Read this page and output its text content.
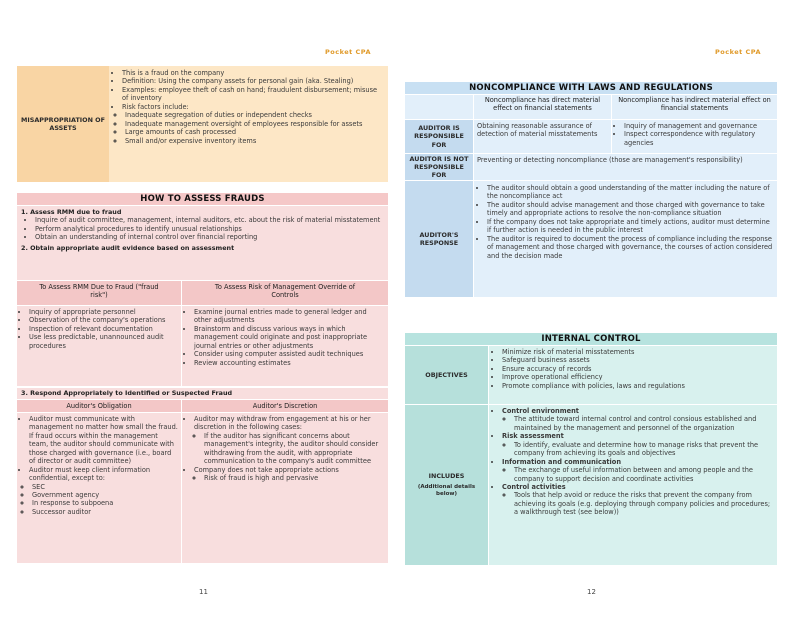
Pocket CPA
MISAPPROPRIATION OF ASSETS
• This is a fraud on the company
• Definition: Using the company assets for personal gain (aka. Stealing)
• Examples: employee theft of cash on hand; fraudulent disbursement; misuse of inventory
• Risk factors include:
◦ Inadequate segregation of duties or independent checks
◦ Inadequate management oversight of employees responsible for assets
◦ Large amounts of cash processed
◦ Small and/or expensive inventory items
HOW TO ASSESS FRAUDS
1. Assess RMM due to fraud
• Inquire of audit committee, management, internal auditors, etc. about the risk of material misstatement
• Perform analytical procedures to identify unusual relationships
• Obtain an understanding of internal control over financial reporting
2. Obtain appropriate audit evidence based on assessment
To Assess RMM Due to Fraud ("fraud risk")
To Assess Risk of Management Override of Controls
• Inquiry of appropriate personnel
• Observation of the company's operations
• Inspection of relevant documentation
• Use less predictable, unannounced audit procedures
• Examine journal entries made to general ledger and other adjustments
• Brainstorm and discuss various ways in which management could originate and post inappropriate journal entries or other adjustments
• Consider using computer assisted audit techniques
• Review accounting estimates
3. Respond Appropriately to Identified or Suspected Fraud
Auditor's Obligation	Auditor's Discretion
• Auditor must communicate with management no matter how small the fraud. If fraud occurs within the management team, the auditor should communicate with those charged with governance (i.e., board of director or audit committee)
• Auditor must keep client information confidential, except to:
◦ SEC
◦ Government agency
◦ In response to subpoena
◦ Successor auditor
• Auditor may withdraw from engagement at his or her discretion in the following cases:
◦ If the auditor has significant concerns about management's integrity, the auditor should consider withdrawing from the audit, with appropriate communication to the company's audit committee
• Company does not take appropriate actions
◦ Risk of fraud is high and pervasive
11
Pocket CPA
NONCOMPLIANCE WITH LAWS AND REGULATIONS
Noncompliance has direct material effect on financial statements
Noncompliance has indirect material effect on financial statements
AUDITOR IS RESPONSIBLE FOR
Obtaining reasonable assurance of detection of material misstatements
• Inquiry of management and governance
• Inspect correspondence with regulatory agencies
AUDITOR IS NOT RESPONSIBLE FOR
Preventing or detecting noncompliance (those are management's responsibility)
AUDITOR'S RESPONSE
• The auditor should obtain a good understanding of the matter including the nature of the noncompliance act
• The auditor should advise management and those charged with governance to take timely and appropriate actions to resolve the non-compliance situation
• If the company does not take appropriate and timely actions, auditor must determine if further action is needed in the public interest
• The auditor is required to document the process of compliance including the response of management and those charged with governance, the courses of action considered and the decision made
INTERNAL CONTROL
OBJECTIVES
• Minimize risk of material misstatements
• Safeguard business assets
• Ensure accuracy of records
• Improve operational efficiency
• Promote compliance with policies, laws and regulations
INCLUDES
(Additional details below)
• Control environment
◦ The attitude toward internal control and control consious established and maintained by the management and personnel of the organization
• Risk assessment
◦ To identify, evaluate and determine how to manage risks that prevent the company from achieving its goals and objectives
• Information and communication
◦ The exchange of useful information between and among people and the company to support decision and coordinate activities
• Control activities
◦ Tools that help avoid or reduce the risks that prevent the company from achieving its goals (e.g. deploying through company policies and procedures; a walkthrough test (see below))
12
